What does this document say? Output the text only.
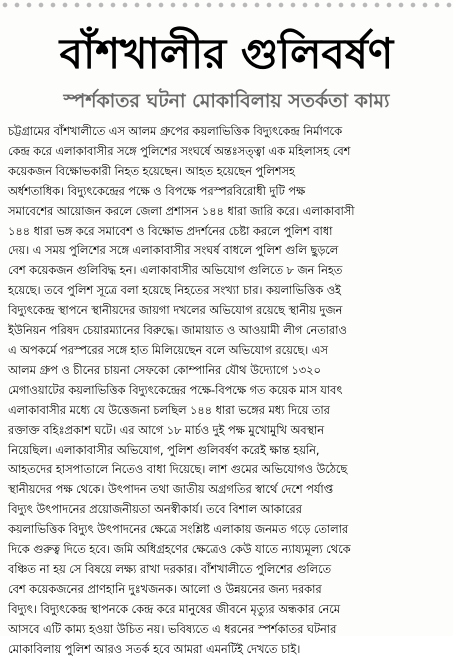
বাঁশখালীর গুলিবর্ষণ
স্পর্শকাতর ঘটনা মোকাবিলায় সতর্কতা কাম্য
চট্টগ্রামের বাঁশখালীতে এস আলম গ্রুপের কয়লাভিত্তিক বিদ্যুৎকেন্দ্র নির্মাণকে
কেন্দ্র করে এলাকাবাসীর সঙ্গে পুলিশের সংঘর্ষে অন্তঃসত্ত্বা এক মহিলাসহ বেশ
কয়েকজন বিক্ষোভকারী নিহত হয়েছেন। আহত হয়েছেন পুলিশসহ
অর্ধশতাধিক। বিদ্যুৎকেন্দ্রের পক্ষে ও বিপক্ষে পরস্পরবিরোধী দুটি পক্ষ
সমাবেশের আয়োজন করলে জেলা প্রশাসন ১৪৪ ধারা জারি করে। এলাকাবাসী
১৪৪ ধারা ভঙ্গ করে সমাবেশ ও বিক্ষোভ প্রদর্শনের চেষ্টা করলে পুলিশ বাধা
দেয়। এ সময় পুলিশের সঙ্গে এলাকাবাসীর সংঘর্ষ বাধলে পুলিশ গুলি ছুড়লে
বেশ কয়েকজন গুলিবিদ্ধ হন। এলাকাবাসীর অভিযোগ গুলিতে ৮ জন নিহত
হয়েছে। তবে পুলিশ সূত্রে বলা হয়েছে নিহতের সংখ্যা চার। কয়লাভিত্তিক ওই
বিদ্যুৎকেন্দ্র স্থাপনে স্থানীয়দের জায়গা দখলের অভিযোগ রয়েছে স্থানীয় দুজন
ইউনিয়ন পরিষদ চেয়ারম্যানের বিরুদ্ধে। জামায়াত ও আওয়ামী লীগ নেতারাও
এ অপকর্মে পরস্পরের সঙ্গে হাত মিলিয়েছেন বলে অভিযোগ রয়েছে। এস
আলম গ্রুপ ও চীনের চায়না সেফকো কোম্পানির যৌথ উদ্যোগে ১৩২০
মেগাওয়াটের কয়লাভিত্তিক বিদ্যুৎকেন্দ্রের পক্ষে-বিপক্ষে গত কয়েক মাস যাবৎ
এলাকাবাসীর মধ্যে যে উত্তেজনা চলছিল ১৪৪ ধারা ভঙ্গের মধ্য দিয়ে তার
রক্তাক্ত বহিঃপ্রকাশ ঘটে। এর আগে ১৮ মার্চও দুই পক্ষ মুখোমুখি অবস্থান
নিয়েছিল। এলাকাবাসীর অভিযোগ, পুলিশ গুলিবর্ষণ করেই ক্ষান্ত হয়নি,
আহতদের হাসপাতালে নিতেও বাধা দিয়েছে। লাশ গুমের অভিযোগও উঠেছে
স্থানীয়দের পক্ষ থেকে। উৎপাদন তথা জাতীয় অগ্রগতির স্বার্থে দেশে পর্যাপ্ত
বিদ্যুৎ উৎপাদনের প্রয়োজনীয়তা অনস্বীকার্য। তবে বিশাল আকারের
কয়লাভিত্তিক বিদ্যুৎ উৎপাদনের ক্ষেত্রে সংশ্লিষ্ট এলাকায় জনমত গড়ে তোলার
দিকে গুরুত্ব দিতে হবে। জমি অধিগ্রহণের ক্ষেত্রেও কেউ যাতে ন্যায্যমূল্য থেকে
বঞ্চিত না হয় সে বিষয়ে লক্ষ্য রাখা দরকার। বাঁশখালীতে পুলিশের গুলিতে
বেশ কয়েকজনের প্রাণহানি দুঃখজনক। আলো ও উন্নয়নের জন্য দরকার
বিদ্যুৎ। বিদ্যুৎকেন্দ্র স্থাপনকে কেন্দ্র করে মানুষের জীবনে মৃত্যুর অন্ধকার নেমে
আসবে এটি কাম্য হওয়া উচিত নয়। ভবিষ্যতে এ ধরনের স্পর্শকাতর ঘটনার
মোকাবিলায় পুলিশ আরও সতর্ক হবে আমরা এমনটিই দেখতে চাই।
